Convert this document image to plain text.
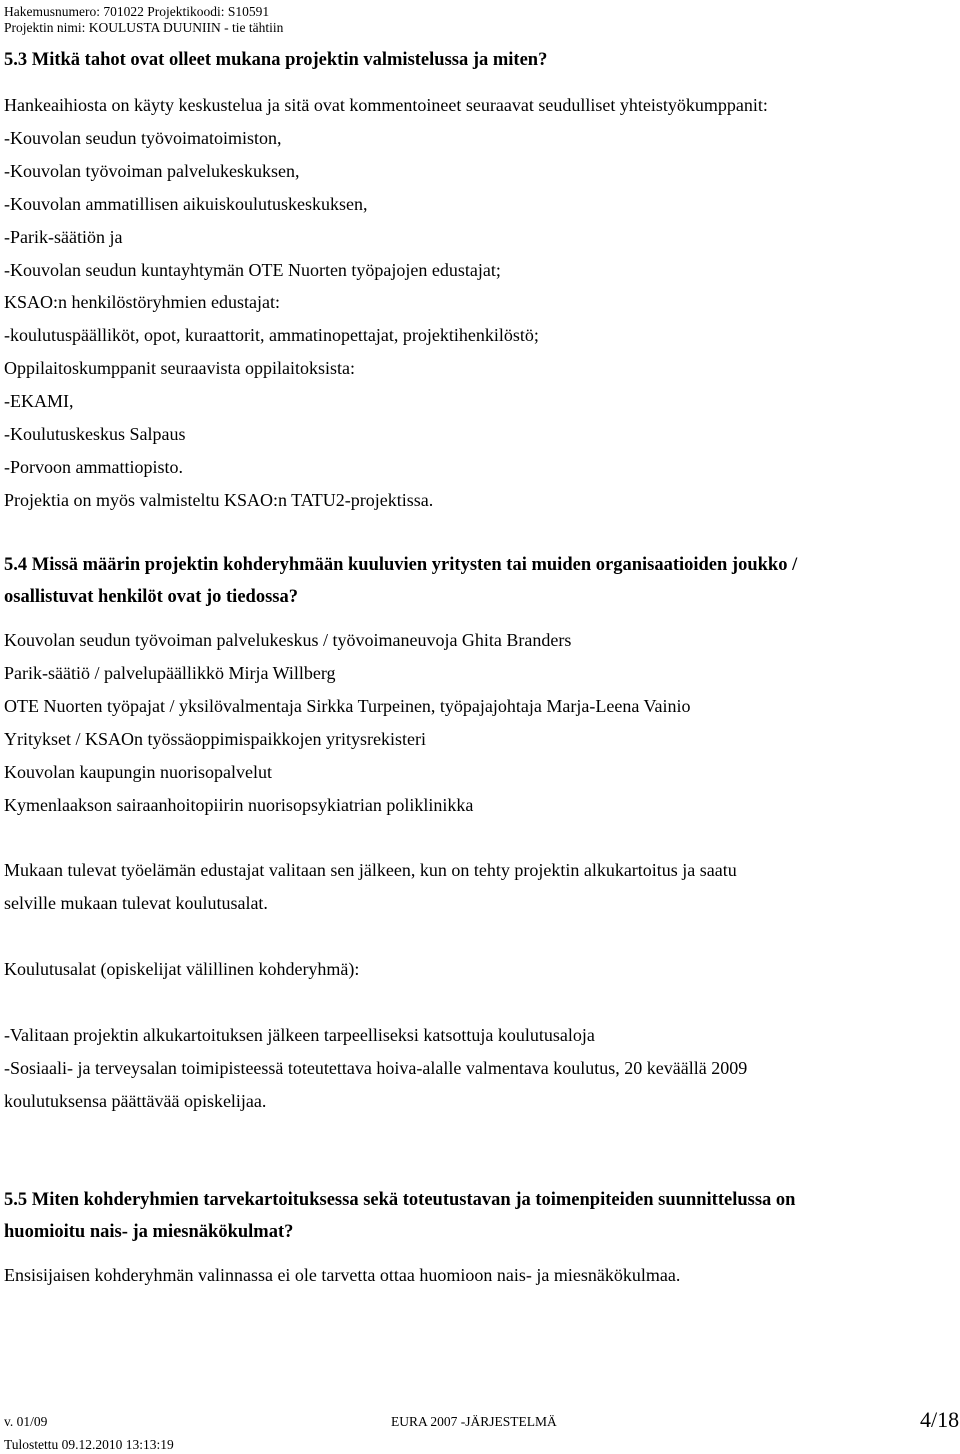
Hakemusnumero: 701022 Projektikoodi: S10591
Projektin nimi: KOULUSTA DUUNIIN - tie tähtiin
5.3 Mitkä tahot ovat olleet mukana projektin valmistelussa ja miten?
Hankeaihiosta on käyty keskustelua ja sitä ovat kommentoineet seuraavat seudulliset yhteistyökumppanit:
-Kouvolan seudun työvoimatoimiston,
-Kouvolan työvoiman palvelukeskuksen,
-Kouvolan ammatillisen aikuiskoulutuskeskuksen,
-Parik-säätiön ja
-Kouvolan seudun kuntayhtymän OTE Nuorten työpajojen edustajat;
KSAO:n henkilöstöryhmien edustajat:
-koulutuspäälliköt, opot, kuraattorit, ammatinopettajat, projektihenkilöstö;
Oppilaitoskumppanit seuraavista oppilaitoksista:
-EKAMI,
-Koulutuskeskus Salpaus
-Porvoon ammattiopisto.
Projektia on myös valmisteltu KSAO:n TATU2-projektissa.
5.4 Missä määrin projektin kohderyhmään kuuluvien yritysten tai muiden organisaatioiden joukko /
osallistuvat henkilöt ovat jo tiedossa?
Kouvolan seudun työvoiman palvelukeskus / työvoimaneuvoja Ghita Branders
Parik-säätiö / palvelupäällikkö Mirja Willberg
OTE Nuorten työpajat / yksilövalmentaja Sirkka Turpeinen, työpajajohtaja Marja-Leena Vainio
Yritykset / KSAOn työssäoppimispaikkojen yritysrekisteri
Kouvolan kaupungin nuorisopalvelut
Kymenlaakson sairaanhoitopiirin nuorisopsykiatrian poliklinikka
Mukaan tulevat työelämän edustajat valitaan sen jälkeen, kun on tehty projektin alkukartoitus ja saatu
selville mukaan tulevat koulutusalat.
Koulutusalat (opiskelijat välillinen kohderyhmä):
-Valitaan projektin alkukartoituksen jälkeen tarpeelliseksi katsottuja koulutusaloja
-Sosiaali- ja terveysalan toimipisteessä toteutettava hoiva-alalle valmentava koulutus, 20 keväällä 2009
koulutuksensa päättävää opiskelijaa.
5.5 Miten kohderyhmien tarvekartoituksessa sekä toteutustavan ja toimenpiteiden suunnittelussa on
huomioitu nais- ja miesnäkökulmat?
Ensisijaisen kohderyhmän valinnassa ei ole tarvetta ottaa huomioon nais- ja miesnäkökulmaa.
v. 01/09	EURA 2007 -JÄRJESTELMÄ	4/18
Tulostettu 09.12.2010 13:13:19
